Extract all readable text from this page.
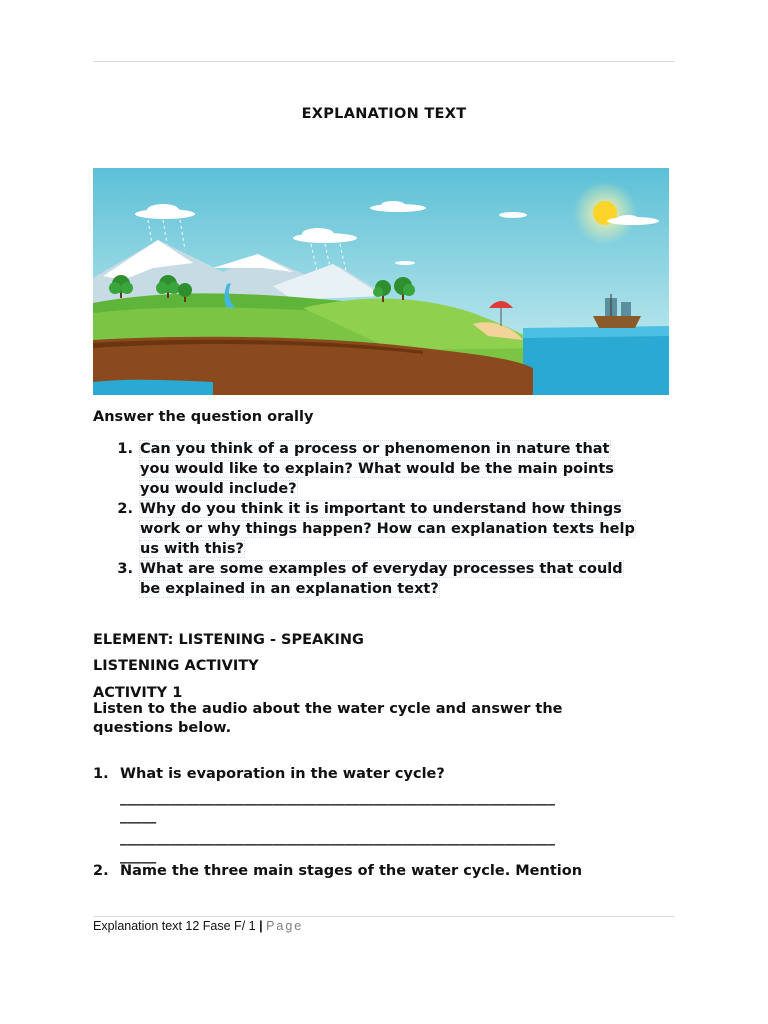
EXPLANATION TEXT
Answer the question orally
1. Can you think of a process or phenomenon in nature that
you would like to explain? What would be the main points
you would include?
2. Why do you think it is important to understand how things
work or why things happen? How can explanation texts help
us with this?
3. What are some examples of everyday processes that could
be explained in an explanation text?
ELEMENT: LISTENING - SPEAKING
LISTENING ACTIVITY
ACTIVITY 1
Listen to the audio about the water cycle and answer the
questions below.
1. What is evaporation in the water cycle?
____________________________________________________________
_____
____________________________________________________________
_____
2. Name the three main stages of the water cycle. Mention
Explanation text 12 Fase F/ 1 | Page
